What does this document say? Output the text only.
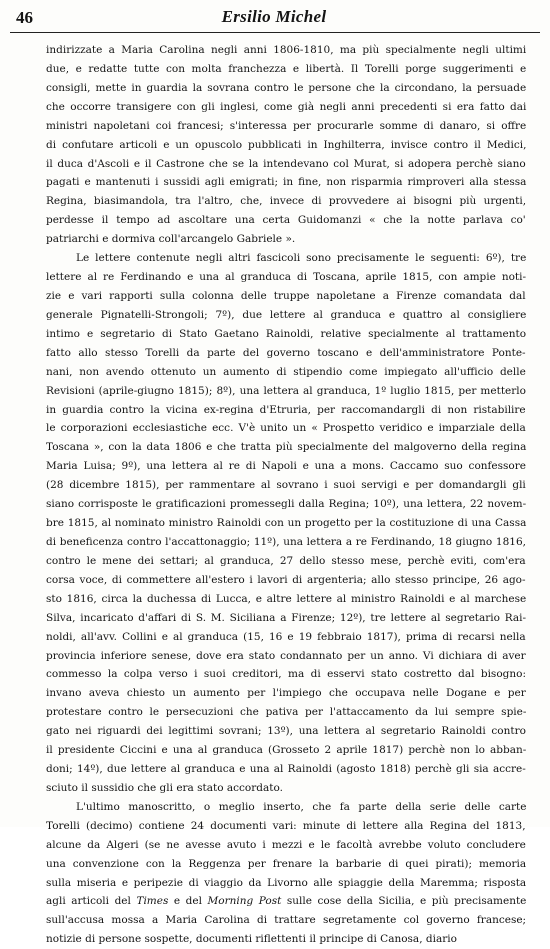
46	Ersilio Michel
indirizzate a Maria Carolina negli anni 1806-1810, ma più specialmente negli ultimi
due, e redatte tutte con molta franchezza e libertà. Il Torelli porge suggerimenti e
consigli, mette in guardia la sovrana contro le persone che la circondano, la persuade
che occorre transigere con gli inglesi, come già negli anni precedenti si era fatto dai
ministri napoletani coi francesi; s'interessa per procurarle somme di danaro, si offre
di confutare articoli e un opuscolo pubblicati in Inghilterra, invisce contro il Medici,
il duca d'Ascoli e il Castrone che se la intendevano col Murat, si adopera perchè siano
pagati e mantenuti i sussidi agli emigrati; in fine, non risparmia rimproveri alla stessa
Regina, biasimandola, tra l'altro, che, invece di provvedere ai bisogni più urgenti,
perdesse il tempo ad ascoltare una certa Guidomanzi « che la notte parlava co'
patriarchi e dormiva coll'arcangelo Gabriele ».
Le lettere contenute negli altri fascicoli sono precisamente le seguenti: 6º), tre
lettere al re Ferdinando e una al granduca di Toscana, aprile 1815, con ampie noti-
zie e vari rapporti sulla colonna delle truppe napoletane a Firenze comandata dal
generale Pignatelli-Strongoli; 7º), due lettere al granduca e quattro al consigliere
intimo e segretario di Stato Gaetano Rainoldi, relative specialmente al trattamento
fatto allo stesso Torelli da parte del governo toscano e dell'amministratore Ponte-
nani, non avendo ottenuto un aumento di stipendio come impiegato all'ufficio delle
Revisioni (aprile-giugno 1815); 8º), una lettera al granduca, 1º luglio 1815, per metterlo
in guardia contro la vicina ex-regina d'Etruria, per raccomandargli di non ristabilire
le corporazioni ecclesiastiche ecc. V'è unito un « Prospetto veridico e imparziale della
Toscana », con la data 1806 e che tratta più specialmente del malgoverno della regina
Maria Luisa; 9º), una lettera al re di Napoli e una a mons. Caccamo suo confessore
(28 dicembre 1815), per rammentare al sovrano i suoi servigi e per domandargli gli
siano corrisposte le gratificazioni promessegli dalla Regina; 10º), una lettera, 22 novem-
bre 1815, al nominato ministro Rainoldi con un progetto per la costituzione di una Cassa
di beneficenza contro l'accattonaggio; 11º), una lettera a re Ferdinando, 18 giugno 1816,
contro le mene dei settari; al granduca, 27 dello stesso mese, perchè eviti, com'era
corsa voce, di commettere all'estero i lavori di argenteria; allo stesso principe, 26 ago-
sto 1816, circa la duchessa di Lucca, e altre lettere al ministro Rainoldi e al marchese
Silva, incaricato d'affari di S. M. Siciliana a Firenze; 12º), tre lettere al segretario Rai-
noldi, all'avv. Collini e al granduca (15, 16 e 19 febbraio 1817), prima di recarsi nella
provincia inferiore senese, dove era stato condannato per un anno. Vi dichiara di aver
commesso la colpa verso i suoi creditori, ma di esservi stato costretto dal bisogno:
invano aveva chiesto un aumento per l'impiego che occupava nelle Dogane e per
protestare contro le persecuzioni che pativa per l'attaccamento da lui sempre spie-
gato nei riguardi dei legittimi sovrani; 13º), una lettera al segretario Rainoldi contro
il presidente Ciccini e una al granduca (Grosseto 2 aprile 1817) perchè non lo abban-
doni; 14º), due lettere al granduca e una al Rainoldi (agosto 1818) perchè gli sia accre-
sciuto il sussidio che gli era stato accordato.
L'ultimo manoscritto, o meglio inserto, che fa parte della serie delle carte
Torelli (decimo) contiene 24 documenti vari: minute di lettere alla Regina del 1813,
alcune da Algeri (se ne avesse avuto i mezzi e le facoltà avrebbe voluto concludere
una convenzione con la Reggenza per frenare la barbarie di quei pirati); memoria
sulla miseria e peripezie di viaggio da Livorno alle spiaggie della Maremma; risposta
agli articoli del Times e del Morning Post sulle cose della Sicilia, e più precisamente
sull'accusa mossa a Maria Carolina di trattare segretamente col governo francese;
notizie di persone sospette, documenti riflettenti il principe di Canosa, diario
